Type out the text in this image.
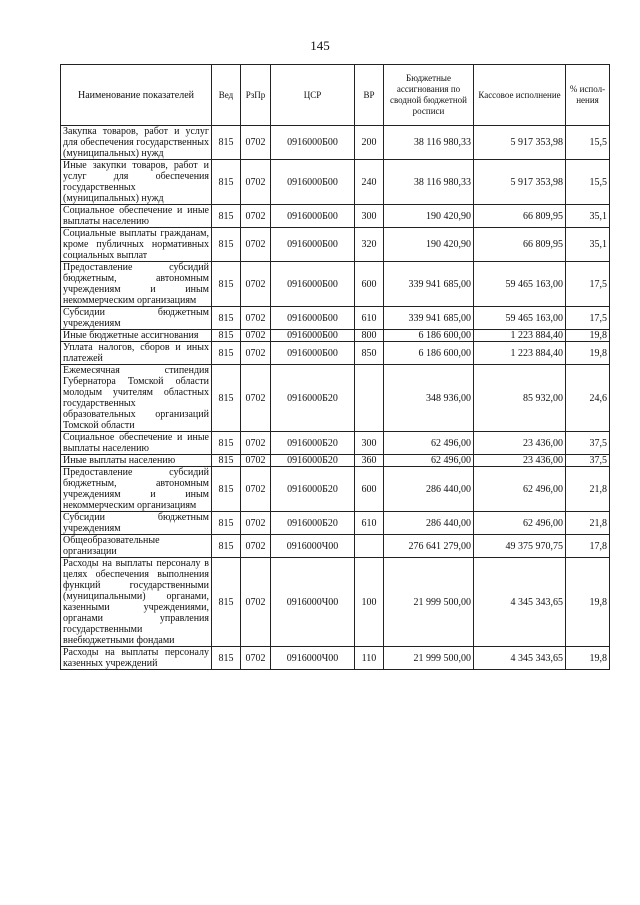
145
Наименование показателей	Вед	РзПр	ЦСР	ВР	Бюджетные ассигнования по сводной бюджетной росписи	Кассовое исполнение	% испол-нения
Закупка товаров, работ и услуг для обеспечения государственных (муниципальных) нужд	815	0702	0916000Б00	200	38 116 980,33	5 917 353,98	15,5
Иные закупки товаров, работ и услуг для обеспечения государственных (муниципальных) нужд	815	0702	0916000Б00	240	38 116 980,33	5 917 353,98	15,5
Социальное обеспечение и иные выплаты населению	815	0702	0916000Б00	300	190 420,90	66 809,95	35,1
Социальные выплаты гражданам, кроме публичных нормативных социальных выплат	815	0702	0916000Б00	320	190 420,90	66 809,95	35,1
Предоставление субсидий бюджетным, автономным учреждениям и иным некоммерческим организациям	815	0702	0916000Б00	600	339 941 685,00	59 465 163,00	17,5
Субсидии бюджетным учреждениям	815	0702	0916000Б00	610	339 941 685,00	59 465 163,00	17,5
Иные бюджетные ассигнования	815	0702	0916000Б00	800	6 186 600,00	1 223 884,40	19,8
Уплата налогов, сборов и иных платежей	815	0702	0916000Б00	850	6 186 600,00	1 223 884,40	19,8
Ежемесячная стипендия Губернатора Томской области молодым учителям областных государственных образовательных организаций Томской области	815	0702	0916000Б20		348 936,00	85 932,00	24,6
Социальное обеспечение и иные выплаты населению	815	0702	0916000Б20	300	62 496,00	23 436,00	37,5
Иные выплаты населению	815	0702	0916000Б20	360	62 496,00	23 436,00	37,5
Предоставление субсидий бюджетным, автономным учреждениям и иным некоммерческим организациям	815	0702	0916000Б20	600	286 440,00	62 496,00	21,8
Субсидии бюджетным учреждениям	815	0702	0916000Б20	610	286 440,00	62 496,00	21,8
Общеобразовательные организации	815	0702	0916000Ч00		276 641 279,00	49 375 970,75	17,8
Расходы на выплаты персоналу в целях обеспечения выполнения функций государственными (муниципальными) органами, казенными учреждениями, органами управления государственными внебюджетными фондами	815	0702	0916000Ч00	100	21 999 500,00	4 345 343,65	19,8
Расходы на выплаты персоналу казенных учреждений	815	0702	0916000Ч00	110	21 999 500,00	4 345 343,65	19,8
